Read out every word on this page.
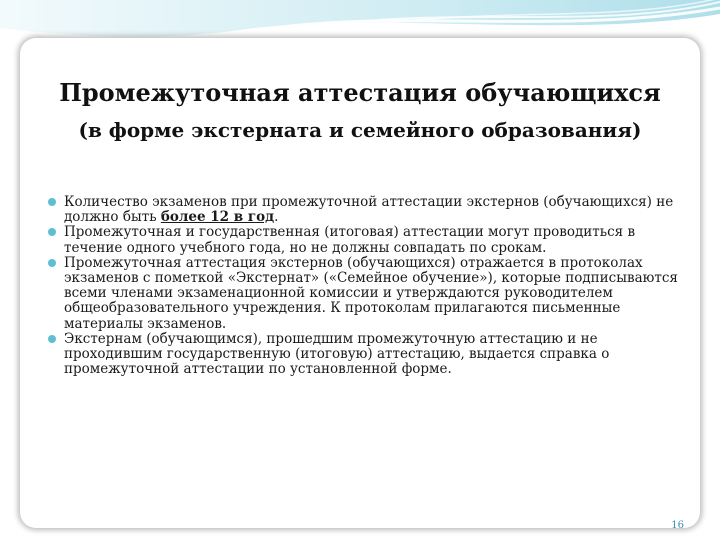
Промежуточная аттестация обучающихся
(в форме экстерната и семейного образования)
Количество экзаменов при промежуточной аттестации экстернов (обучающихся) не должно быть более 12 в год.
Промежуточная и государственная (итоговая) аттестации могут проводиться в течение одного учебного года, но не должны совпадать по срокам.
Промежуточная аттестация экстернов (обучающихся) отражается в протоколах экзаменов с пометкой «Экстернат» («Семейное обучение»), которые подписываются всеми членами экзаменационной комиссии и утверждаются руководителем общеобразовательного учреждения. К протоколам прилагаются письменные материалы экзаменов.
Экстернам (обучающимся), прошедшим промежуточную аттестацию и не проходившим государственную (итоговую) аттестацию, выдается справка о промежуточной аттестации по установленной форме.
16
